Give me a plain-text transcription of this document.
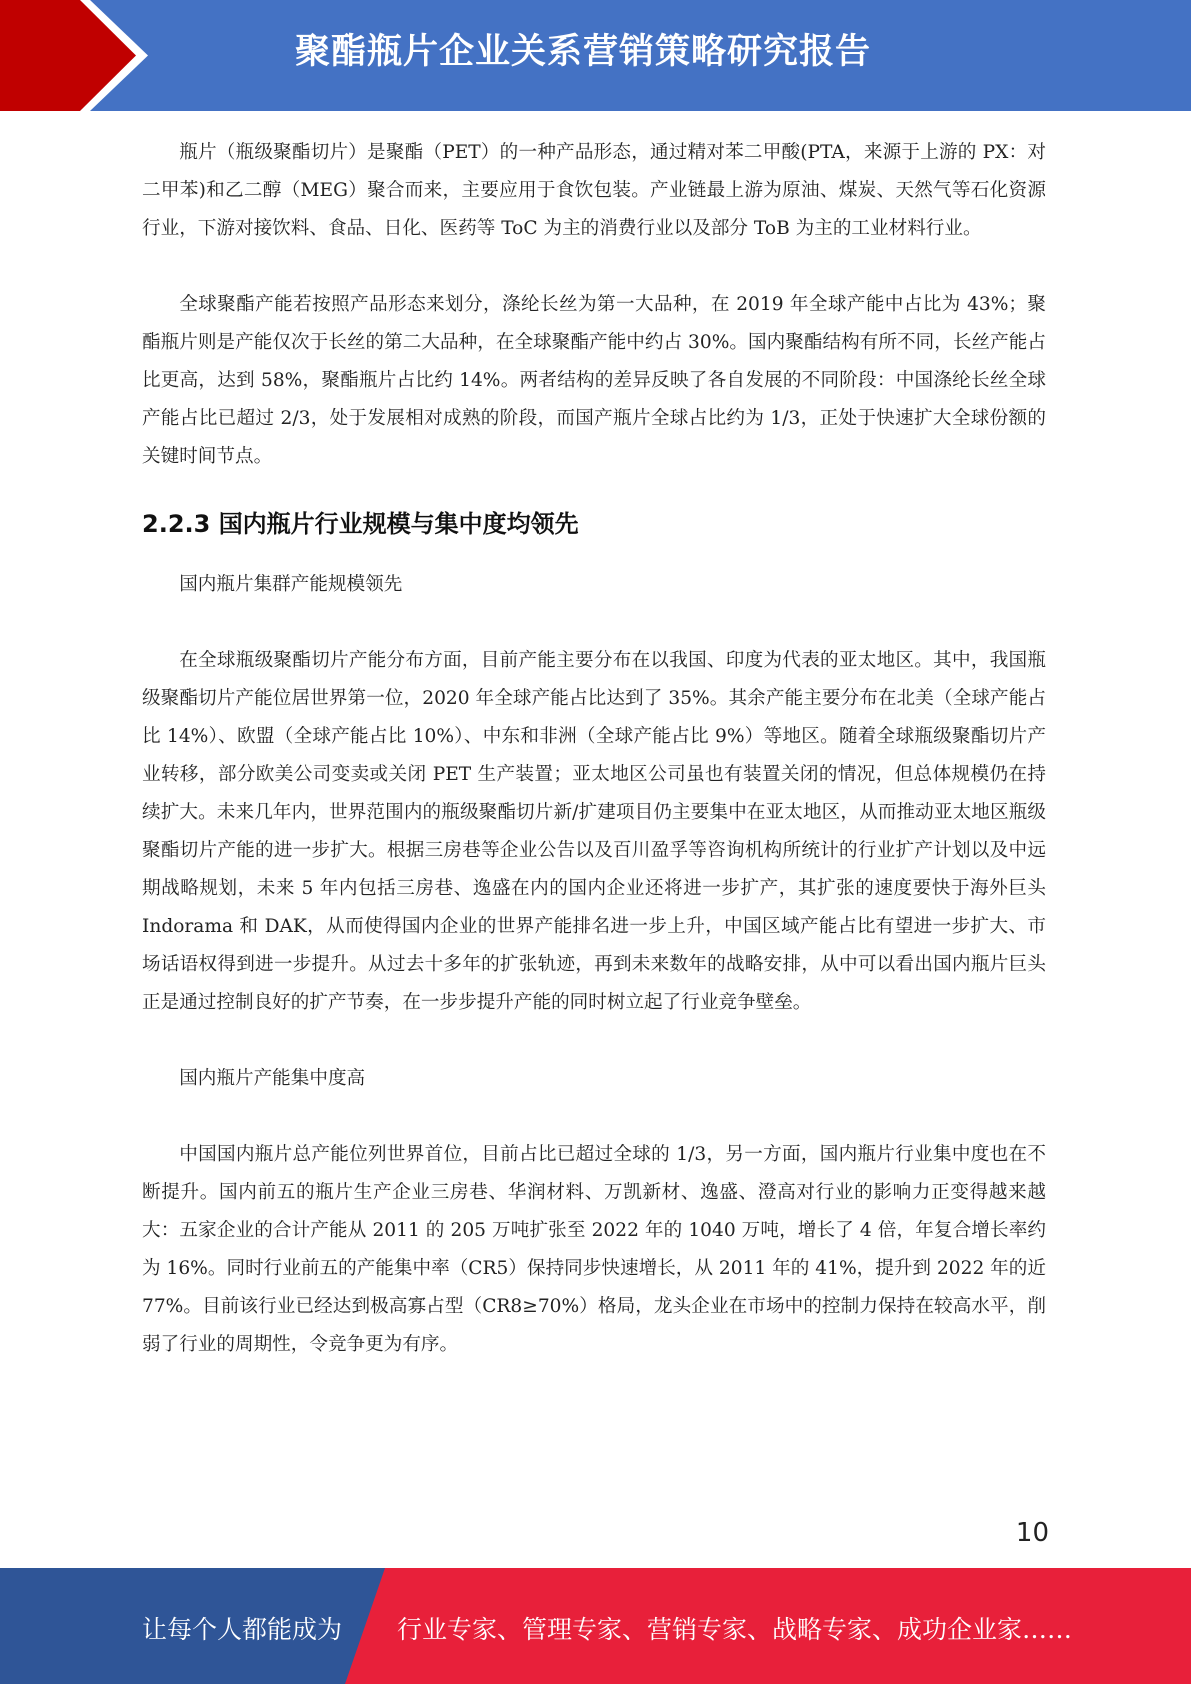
聚酯瓶片企业关系营销策略研究报告

瓶片（瓶级聚酯切片）是聚酯（PET）的一种产品形态，通过精对苯二甲酸(PTA，来源于上游的 PX：对二甲苯)和乙二醇（MEG）聚合而来，主要应用于食饮包装。产业链最上游为原油、煤炭、天然气等石化资源行业，下游对接饮料、食品、日化、医药等 ToC 为主的消费行业以及部分 ToB 为主的工业材料行业。

全球聚酯产能若按照产品形态来划分，涤纶长丝为第一大品种，在 2019 年全球产能中占比为 43%；聚酯瓶片则是产能仅次于长丝的第二大品种，在全球聚酯产能中约占 30%。国内聚酯结构有所不同，长丝产能占比更高，达到 58%，聚酯瓶片占比约 14%。两者结构的差异反映了各自发展的不同阶段：中国涤纶长丝全球产能占比已超过 2/3，处于发展相对成熟的阶段，而国产瓶片全球占比约为 1/3，正处于快速扩大全球份额的关键时间节点。

2.2.3 国内瓶片行业规模与集中度均领先

国内瓶片集群产能规模领先

在全球瓶级聚酯切片产能分布方面，目前产能主要分布在以我国、印度为代表的亚太地区。其中，我国瓶级聚酯切片产能位居世界第一位，2020 年全球产能占比达到了 35%。其余产能主要分布在北美（全球产能占比 14%）、欧盟（全球产能占比 10%）、中东和非洲（全球产能占比 9%）等地区。随着全球瓶级聚酯切片产业转移，部分欧美公司变卖或关闭 PET 生产装置；亚太地区公司虽也有装置关闭的情况，但总体规模仍在持续扩大。未来几年内，世界范围内的瓶级聚酯切片新/扩建项目仍主要集中在亚太地区，从而推动亚太地区瓶级聚酯切片产能的进一步扩大。根据三房巷等企业公告以及百川盈孚等咨询机构所统计的行业扩产计划以及中远期战略规划，未来 5 年内包括三房巷、逸盛在内的国内企业还将进一步扩产，其扩张的速度要快于海外巨头 Indorama 和 DAK，从而使得国内企业的世界产能排名进一步上升，中国区域产能占比有望进一步扩大、市场话语权得到进一步提升。从过去十多年的扩张轨迹，再到未来数年的战略安排，从中可以看出国内瓶片巨头正是通过控制良好的扩产节奏，在一步步提升产能的同时树立起了行业竞争壁垒。

国内瓶片产能集中度高

中国国内瓶片总产能位列世界首位，目前占比已超过全球的 1/3，另一方面，国内瓶片行业集中度也在不断提升。国内前五的瓶片生产企业三房巷、华润材料、万凯新材、逸盛、澄高对行业的影响力正变得越来越大：五家企业的合计产能从 2011 的 205 万吨扩张至 2022 年的 1040 万吨，增长了 4 倍，年复合增长率约为 16%。同时行业前五的产能集中率（CR5）保持同步快速增长，从 2011 年的 41%，提升到 2022 年的近 77%。目前该行业已经达到极高寡占型（CR8≥70%）格局，龙头企业在市场中的控制力保持在较高水平，削弱了行业的周期性，令竞争更为有序。

10
让每个人都能成为 行业专家、管理专家、营销专家、战略专家、成功企业家……
